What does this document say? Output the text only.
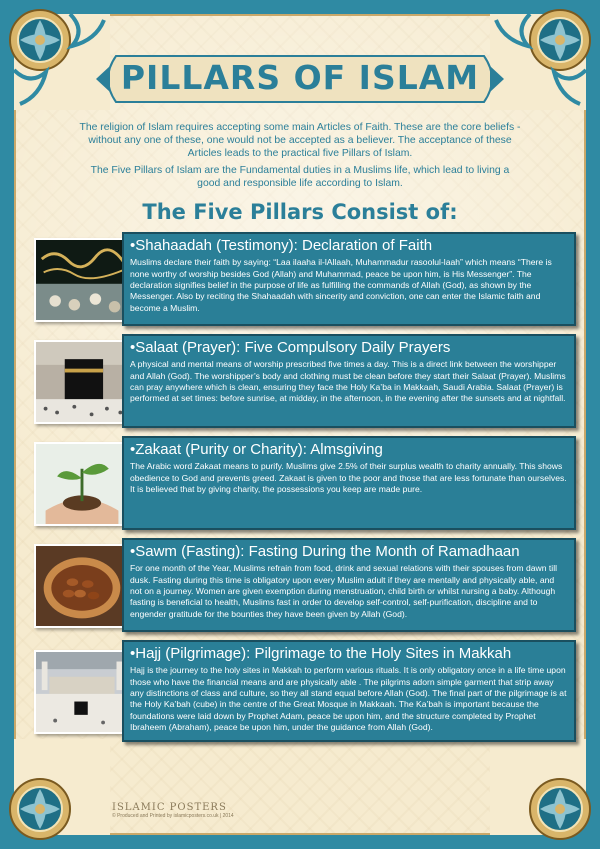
PILLARS OF ISLAM

The religion of Islam requires accepting some main Articles of Faith. These are the core beliefs - without any one of these, one would not be accepted as a believer. The acceptance of these Articles leads to the practical five Pillars of Islam.

The Five Pillars of Islam are the Fundamental duties in a Muslims life, which lead to living a good and responsible life according to Islam.

The Five Pillars Consist of:
•Shahaadah (Testimony): Declaration of Faith
Muslims declare their faith by saying: “Laa ilaaha il-lAllaah, Muhammadur rasoolul-laah” which means “There is none worthy of worship besides God (Allah) and Muhammad, peace be upon him, is His Messenger”. The declaration signifies belief in the purpose of life as fulfilling the commands of Allah (God), as shown by the Messenger. Also by reciting the Shahaadah with sincerity and conviction, one can enter the Islamic faith and become a Muslim.
•Salaat (Prayer): Five Compulsory Daily Prayers
A physical and mental means of worship prescribed five times a day. This is a direct link between the worshipper and Allah (God). The worshipper’s body and clothing must be clean before they start their Salaat (Prayer). Muslims can pray anywhere which is clean, ensuring they face the Holy Ka’ba in Makkaah, Saudi Arabia. Salaat (Prayer) is performed at set times: before sunrise, at midday, in the afternoon, in the evening after the sunsets and at nightfall.
•Zakaat (Purity or Charity): Almsgiving
The Arabic word Zakaat means to purify. Muslims give 2.5% of their surplus wealth to charity annually. This shows obedience to God and prevents greed. Zakaat is given to the poor and those that are less fortunate than ourselves. It is believed that by giving charity, the possessions you keep are made pure.
•Sawm (Fasting): Fasting During the Month of Ramadhaan
For one month of the Year, Muslims refrain from food, drink and sexual relations with their spouses from dawn till dusk. Fasting during this time is obligatory upon every Muslim adult if they are mentally and physically able, and not on a journey. Women are given exemption during menstruation, child birth or whilst nursing a baby. Although fasting is beneficial to health, Muslims fast in order to develop self-control, self-purification, discipline and to engender gratitude for the bounties they have been given by Allah (God).
•Hajj (Pilgrimage): Pilgrimage to the Holy Sites in Makkah
Hajj is the journey to the holy sites in Makkah to perform various rituals. It is only obligatory once in a life time upon those who have the financial means and are physically able . The pilgrims adorn simple garment that strip away any distinctions of class and culture, so they all stand equal before Allah (God). The final part of the pilgrimage is at the Holy Ka’bah (cube) in the centre of the Great Mosque in Makkaah. The Ka’bah is important because the foundations were laid down by Prophet Adam, peace be upon him, and the structure completed by Prophet Ibraheem (Abraham), peace be upon him, under the guidance from Allah (God).
ISLAMIC POSTERS
© Produced and Printed by islamicposters.co.uk | 2014
